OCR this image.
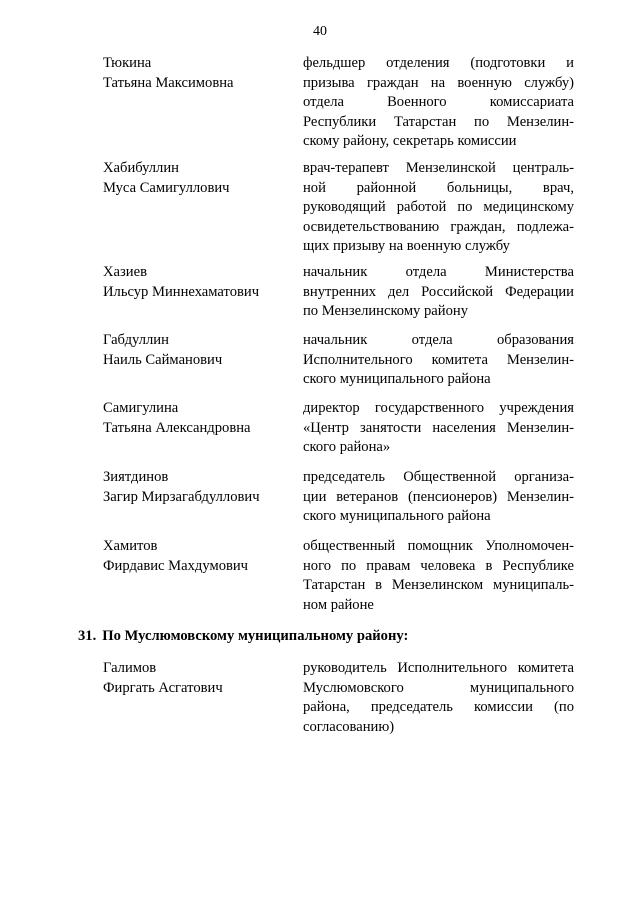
40
Тюкина
Татьяна Максимовна
фельдшер отделения (подготовки и
призыва граждан на военную службу)
отдела Военного комиссариата
Республики Татарстан по Мензелин-
скому району, секретарь комиссии
Хабибуллин
Муса Самигуллович
врач-терапевт Мензелинской централь-
ной районной больницы, врач,
руководящий работой по медицинскому
освидетельствованию граждан, подлежа-
щих призыву на военную службу
Хазиев
Ильсур Миннехаматович
начальник отдела Министерства
внутренних дел Российской Федерации
по Мензелинскому району
Габдуллин
Наиль Сайманович
начальник отдела образования
Исполнительного комитета Мензелин-
ского муниципального района
Самигулина
Татьяна Александровна
директор государственного учреждения
«Центр занятости населения Мензелин-
ского района»
Зиятдинов
Загир Мирзагабдуллович
председатель Общественной организа-
ции ветеранов (пенсионеров) Мензелин-
ского муниципального района
Хамитов
Фирдавис Махдумович
общественный помощник Уполномочен-
ного по правам человека в Республике
Татарстан в Мензелинском муниципаль-
ном районе
31. По Муслюмовскому муниципальному району:
Галимов
Фиргать Асгатович
руководитель Исполнительного комитета
Муслюмовского муниципального
района, председатель комиссии (по
согласованию)
